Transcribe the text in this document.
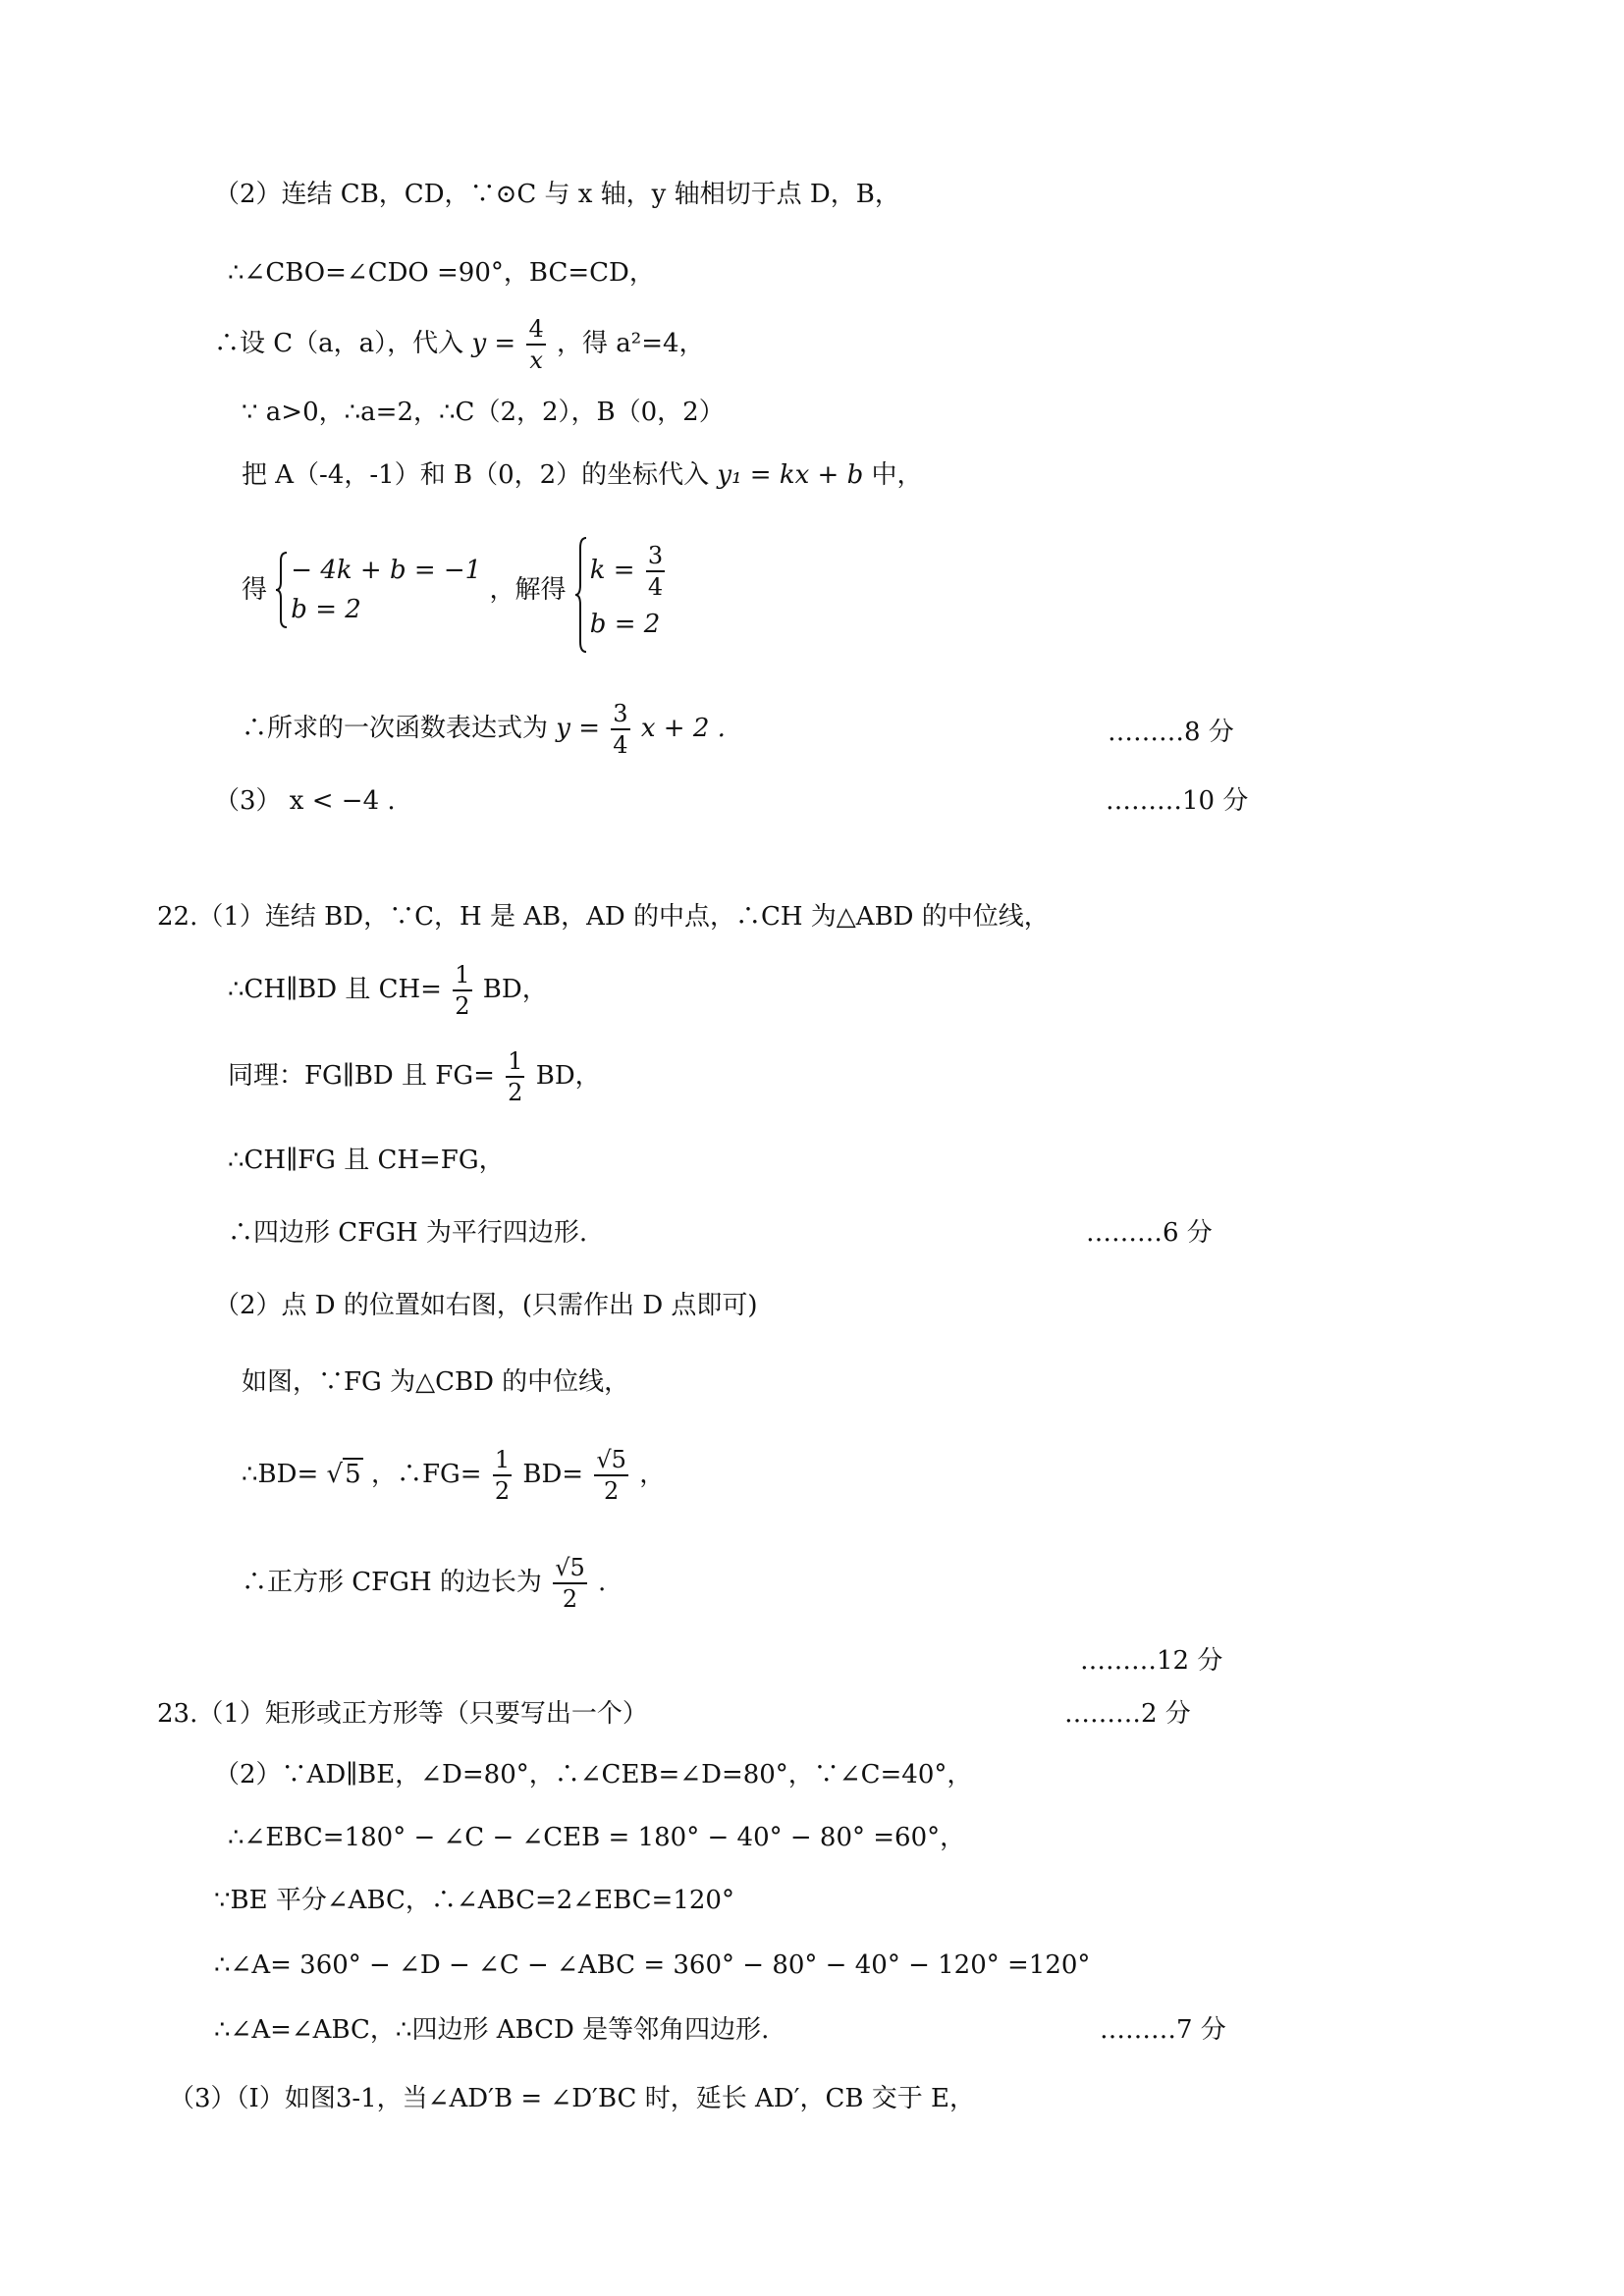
（2）连结 CB，CD，∵⊙C 与 x 轴，y 轴相切于点 D，B，
∴∠CBO=∠CDO =90°，BC=CD，
∴设 C（a，a），代入 $y = \frac{4}{x}$ ，得 a²=4，
∵ a>0，∴a=2，∴C（2，2），B（0，2）
把 A（-4，-1）和 B（0，2）的坐标代入 y₁ = kx + b 中，
得
− 4k + b = −1
b = 2
，解得
$k = \frac{3}{4}$
b = 2
∴所求的一次函数表达式为 $y = \frac{3}{4}$ x + 2 .	………8 分
（3） x < −4 .	………10 分
22.（1）连结 BD，∵C，H 是 AB，AD 的中点，∴CH 为△ABD 的中位线，
∴CH∥BD 且 $CH= \frac{1}{2}$ BD，
同理：FG∥BD 且 $FG= \frac{1}{2}$ BD，
∴CH∥FG 且 CH=FG，
∴四边形 CFGH 为平行四边形.	………6 分
（2）点 D 的位置如右图，(只需作出 D 点即可)
如图，∵FG 为△CBD 的中位线，
∴BD= √5 ，∴FG= $\frac{1}{2} BD= \frac{√5}{2}$ ，
∴正方形 CFGH 的边长为 $\frac{√5}{2}$ .
………12 分
23.（1）矩形或正方形等（只要写出一个）	………2 分
（2）∵AD∥BE，∠D=80°，∴∠CEB=∠D=80°，∵∠C=40°，
∴∠EBC=180° − ∠C − ∠CEB = 180° − 40° − 80° =60°，
∵BE 平分∠ABC，∴∠ABC=2∠EBC=120°
∴∠A= 360° − ∠D − ∠C − ∠ABC = 360° − 80° − 40° − 120° =120°
∴∠A=∠ABC，∴四边形 ABCD 是等邻角四边形.	………7 分
（3）（Ⅰ）如图3-1，当∠AD′B = ∠D′BC 时，延长 AD′，CB 交于 E，
